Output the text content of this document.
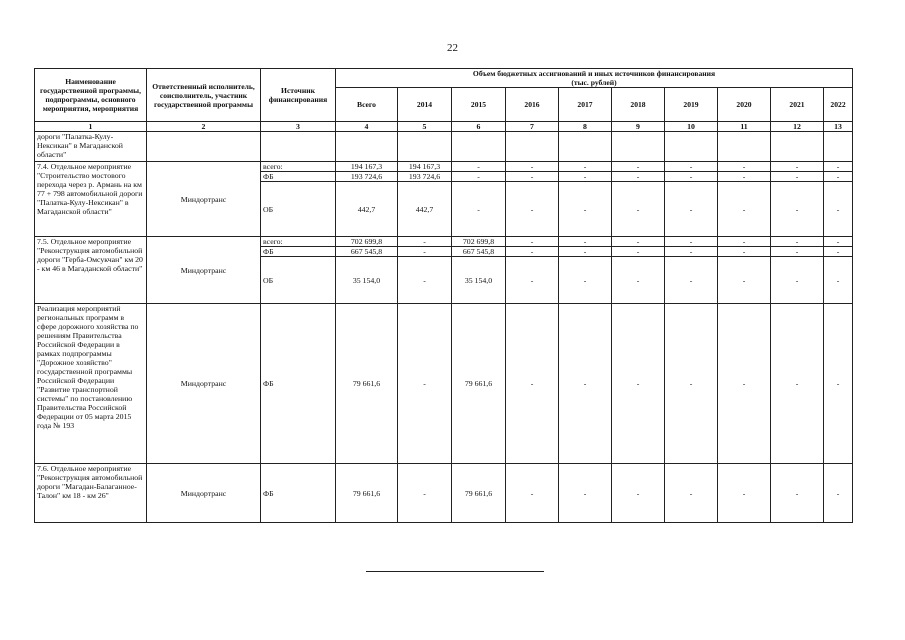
22
Наименование государственной программы, подпрограммы, основного мероприятия, мероприятия	Ответственный исполнитель, соисполнитель, участник государственной программы	Источник финансирования	Объем бюджетных ассигнований и иных источников финансирования
(тыс. рублей)									

			Всего	2014	2015	2016	2017	2018	2019	2020	2021	2022
1	2	3	4	5	6	7	8	9	10	11	12	13
дороги "Палатка-Кулу-Нексикан" в Магаданской области"												
7.4. Отдельное мероприятие "Строительство мостового перехода через р. Армань на км 77 + 798 автомобильной дороги "Палатка-Кулу-Нексикан" в Магаданской области"	Миндортранс	всего:	194 167,3	194 167,3	-	-	-	-	-	-	-	-
		ФБ	193 724,6	193 724,6	-	-	-	-	-	-	-	-
		ОБ	442,7	442,7	-	-	-	-	-	-	-	-
7.5. Отдельное мероприятие "Реконструкция автомобильной дороги "Герба-Омсукчан" км 20 - км 46 в Магаданской области"	Миндортранс	всего:	702 699,8	-	702 699,8	-	-	-	-	-	-	-
		ФБ	667 545,8	-	667 545,8	-	-	-	-	-	-	-
		ОБ	35 154,0	-	35 154,0	-	-	-	-	-	-	-
Реализация мероприятий региональных программ в сфере дорожного хозяйства по решениям Правительства Российской Федерации в рамках подпрограммы "Дорожное хозяйство" государственной программы Российской Федерации "Развитие транспортной системы" по постановлению Правительства Российской Федерации от 05 марта 2015 года № 193	Миндортранс	ФБ	79 661,6	-	79 661,6	-	-	-	-	-	-	-
7.6. Отдельное мероприятие "Реконструкция автомобильной дороги "Магадан-Балаганное-Талон" км 18 - км 26"	Миндортранс	ФБ	79 661,6	-	79 661,6	-	-	-	-	-	-	-
